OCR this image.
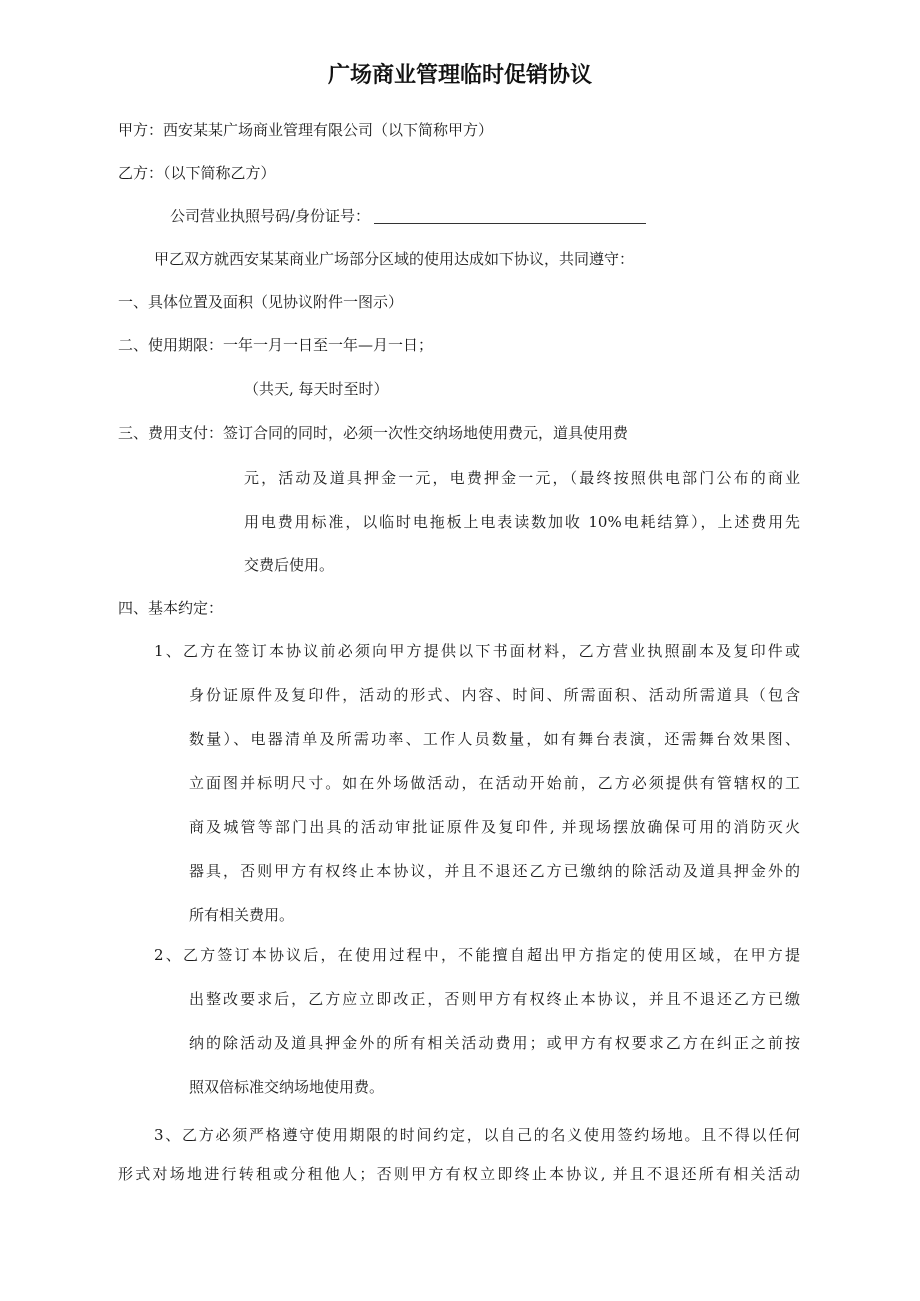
广场商业管理临时促销协议
甲方：西安某某广场商业管理有限公司（以下简称甲方）
乙方：（以下简称乙方）
公司营业执照号码/身份证号：
甲乙双方就西安某某商业广场部分区域的使用达成如下协议，共同遵守：
一、具体位置及面积（见协议附件一图示）
二、使用期限：一年一月一日至一年—月一日；
（共天, 每天时至时）
三、费用支付：签订合同的同时，必须一次性交纳场地使用费元，道具使用费
元，活动及道具押金一元，电费押金一元，（最终按照供电部门公布的商业
用电费用标准，以临时电拖板上电表读数加收 10%电耗结算），上述费用先
交费后使用。
四、基本约定：
1、乙方在签订本协议前必须向甲方提供以下书面材料，乙方营业执照副本及复印件或
身份证原件及复印件，活动的形式、内容、时间、所需面积、活动所需道具（包含
数量）、电器清单及所需功率、工作人员数量，如有舞台表演，还需舞台效果图、
立面图并标明尺寸。如在外场做活动，在活动开始前，乙方必须提供有管辖权的工
商及城管等部门出具的活动审批证原件及复印件, 并现场摆放确保可用的消防灭火
器具，否则甲方有权终止本协议，并且不退还乙方已缴纳的除活动及道具押金外的
所有相关费用。
2、乙方签订本协议后，在使用过程中，不能擅自超出甲方指定的使用区域，在甲方提
出整改要求后，乙方应立即改正，否则甲方有权终止本协议，并且不退还乙方已缴
纳的除活动及道具押金外的所有相关活动费用；或甲方有权要求乙方在纠正之前按
照双倍标准交纳场地使用费。
3、乙方必须严格遵守使用期限的时间约定，以自己的名义使用签约场地。且不得以任何
形式对场地进行转租或分租他人；否则甲方有权立即终止本协议, 并且不退还所有相关活动
